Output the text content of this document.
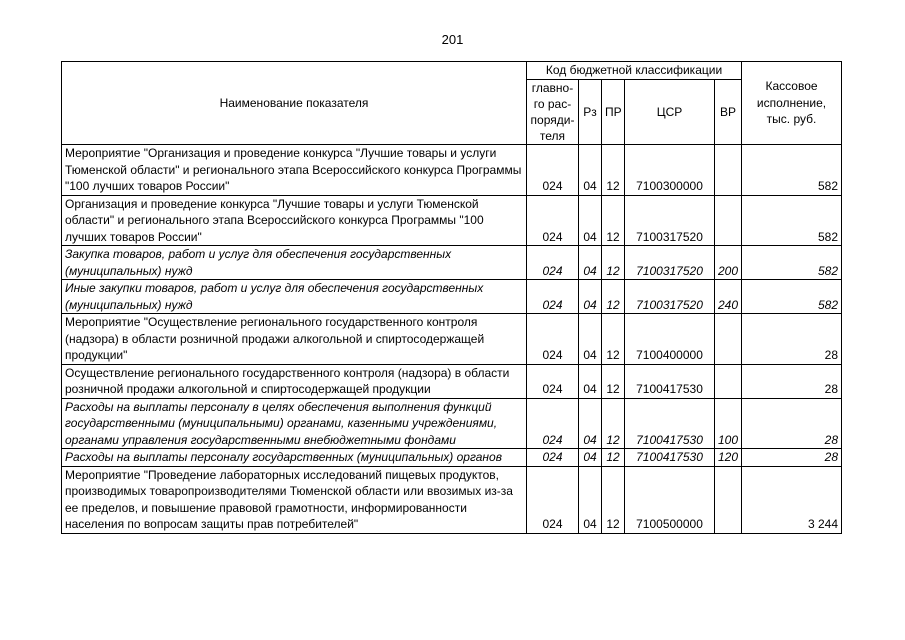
201
Наименование показателя	Код бюджетной классификации					Кассовое исполнение, тыс. руб.
	главно-
го рас-
поряди-
теля	Рз	ПР	ЦСР	ВР	
Мероприятие "Организация и проведение конкурса "Лучшие товары и услуги Тюменской области" и регионального этапа Всероссийского конкурса Программы "100 лучших товаров России"	024	04	12	7100300000		582
Организация и проведение конкурса "Лучшие товары и услуги Тюменской области" и регионального этапа Всероссийского конкурса Программы "100 лучших товаров России"	024	04	12	7100317520		582
Закупка товаров, работ и услуг для обеспечения государственных (муниципальных) нужд	024	04	12	7100317520	200	582
Иные закупки товаров, работ и услуг для обеспечения государственных (муниципальных) нужд	024	04	12	7100317520	240	582
Мероприятие "Осуществление регионального государственного контроля (надзора) в области розничной продажи алкогольной и спиртосодержащей продукции"	024	04	12	7100400000		28
Осуществление регионального государственного контроля (надзора) в области розничной продажи алкогольной и спиртосодержащей продукции	024	04	12	7100417530		28
Расходы на выплаты персоналу в целях обеспечения выполнения функций государственными (муниципальными) органами, казенными учреждениями, органами управления государственными внебюджетными фондами	024	04	12	7100417530	100	28
Расходы на выплаты персоналу государственных (муниципальных) органов	024	04	12	7100417530	120	28
Мероприятие "Проведение лабораторных исследований пищевых продуктов, производимых товаропроизводителями Тюменской области или ввозимых из-за ее пределов, и повышение правовой грамотности, информированности населения по вопросам защиты прав потребителей"	024	04	12	7100500000		3 244
